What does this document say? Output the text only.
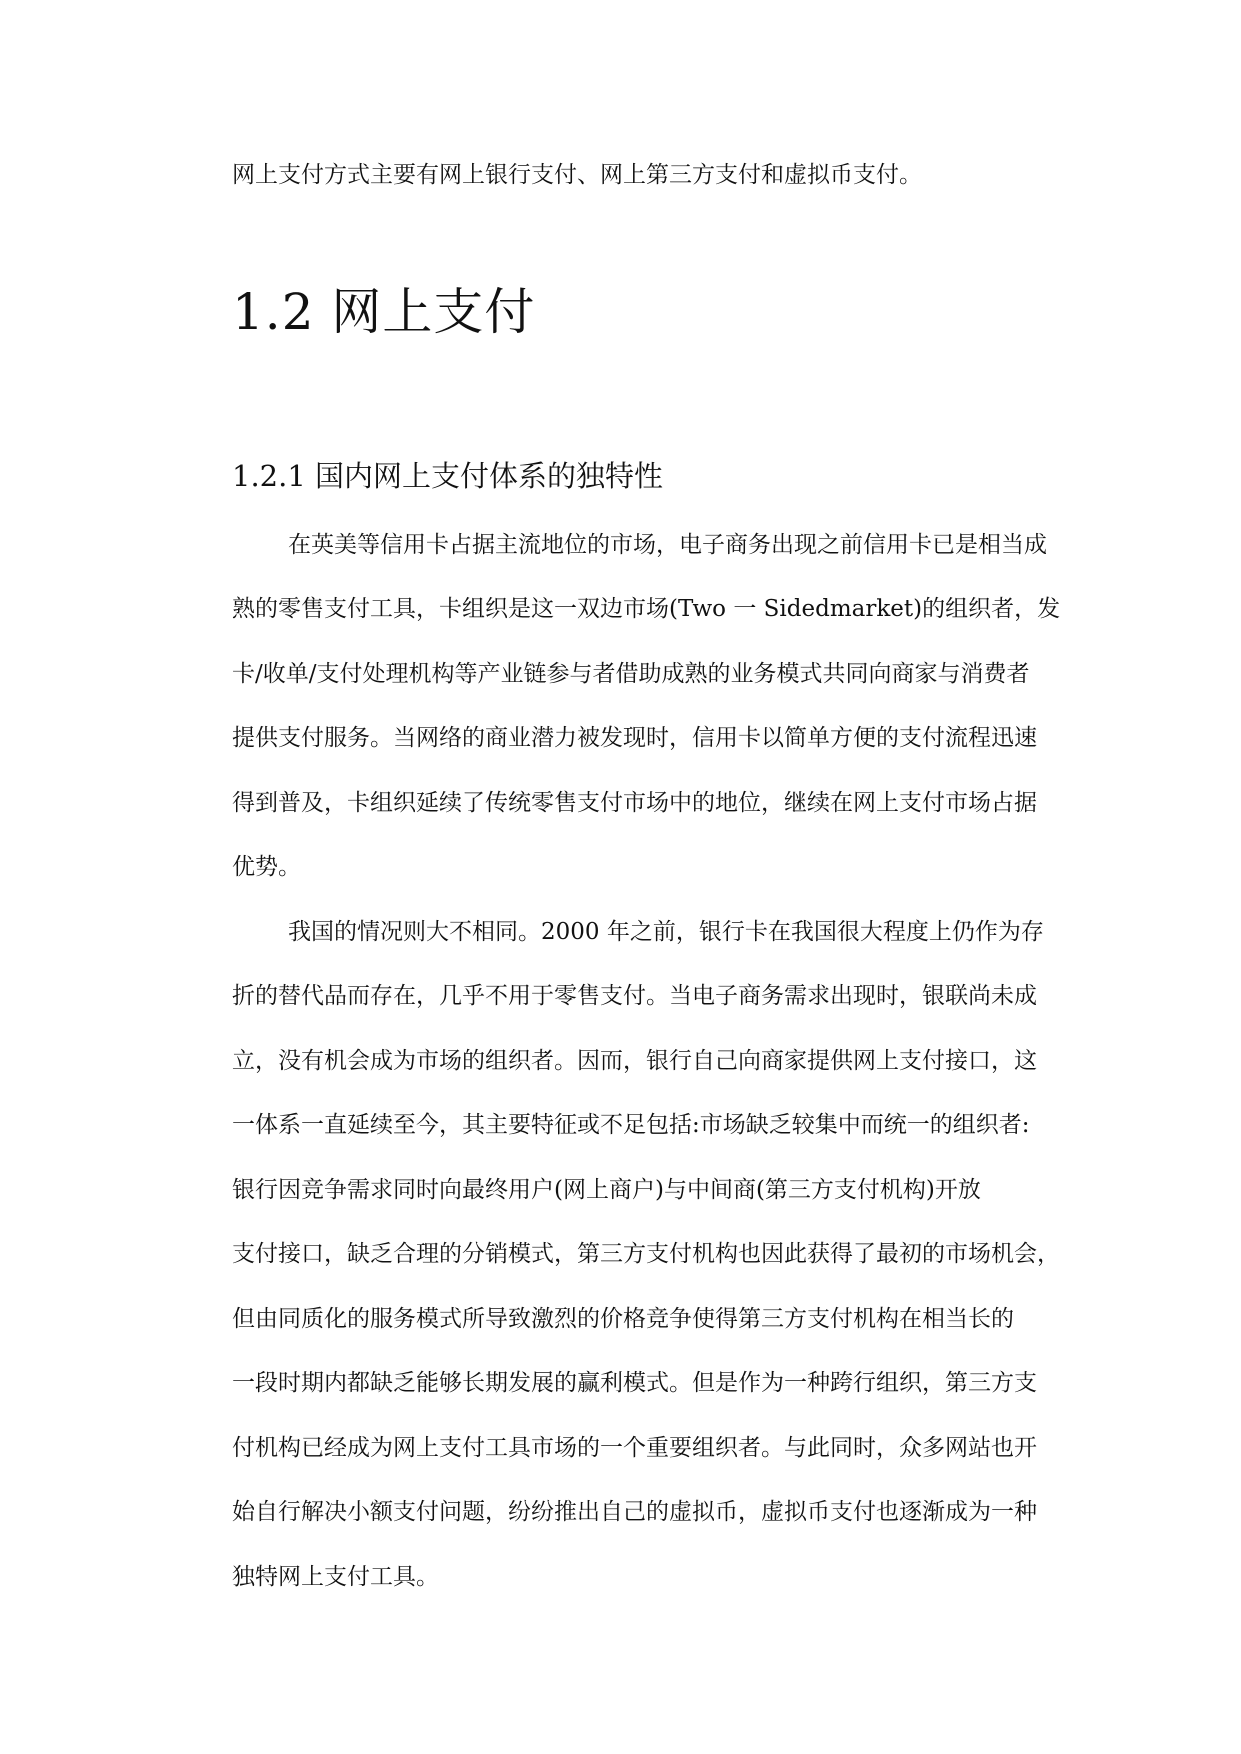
网上支付方式主要有网上银行支付、网上第三方支付和虚拟币支付。
1.2 网上支付
1.2.1 国内网上支付体系的独特性
在英美等信用卡占据主流地位的市场，电子商务出现之前信用卡已是相当成
熟的零售支付工具，卡组织是这一双边市场(Two 一 Sidedmarket)的组织者，发
卡/收单/支付处理机构等产业链参与者借助成熟的业务模式共同向商家与消费者
提供支付服务。当网络的商业潜力被发现时，信用卡以简单方便的支付流程迅速
得到普及，卡组织延续了传统零售支付市场中的地位，继续在网上支付市场占据
优势。
我国的情况则大不相同。2000 年之前，银行卡在我国很大程度上仍作为存
折的替代品而存在，几乎不用于零售支付。当电子商务需求出现时，银联尚未成
立，没有机会成为市场的组织者。因而，银行自己向商家提供网上支付接口，这
一体系一直延续至今，其主要特征或不足包括:市场缺乏较集中而统一的组织者:
银行因竞争需求同时向最终用户(网上商户)与中间商(第三方支付机构)开放
支付接口，缺乏合理的分销模式，第三方支付机构也因此获得了最初的市场机会，
但由同质化的服务模式所导致激烈的价格竞争使得第三方支付机构在相当长的
一段时期内都缺乏能够长期发展的赢利模式。但是作为一种跨行组织，第三方支
付机构已经成为网上支付工具市场的一个重要组织者。与此同时，众多网站也开
始自行解决小额支付问题，纷纷推出自己的虚拟币，虚拟币支付也逐渐成为一种
独特网上支付工具。
